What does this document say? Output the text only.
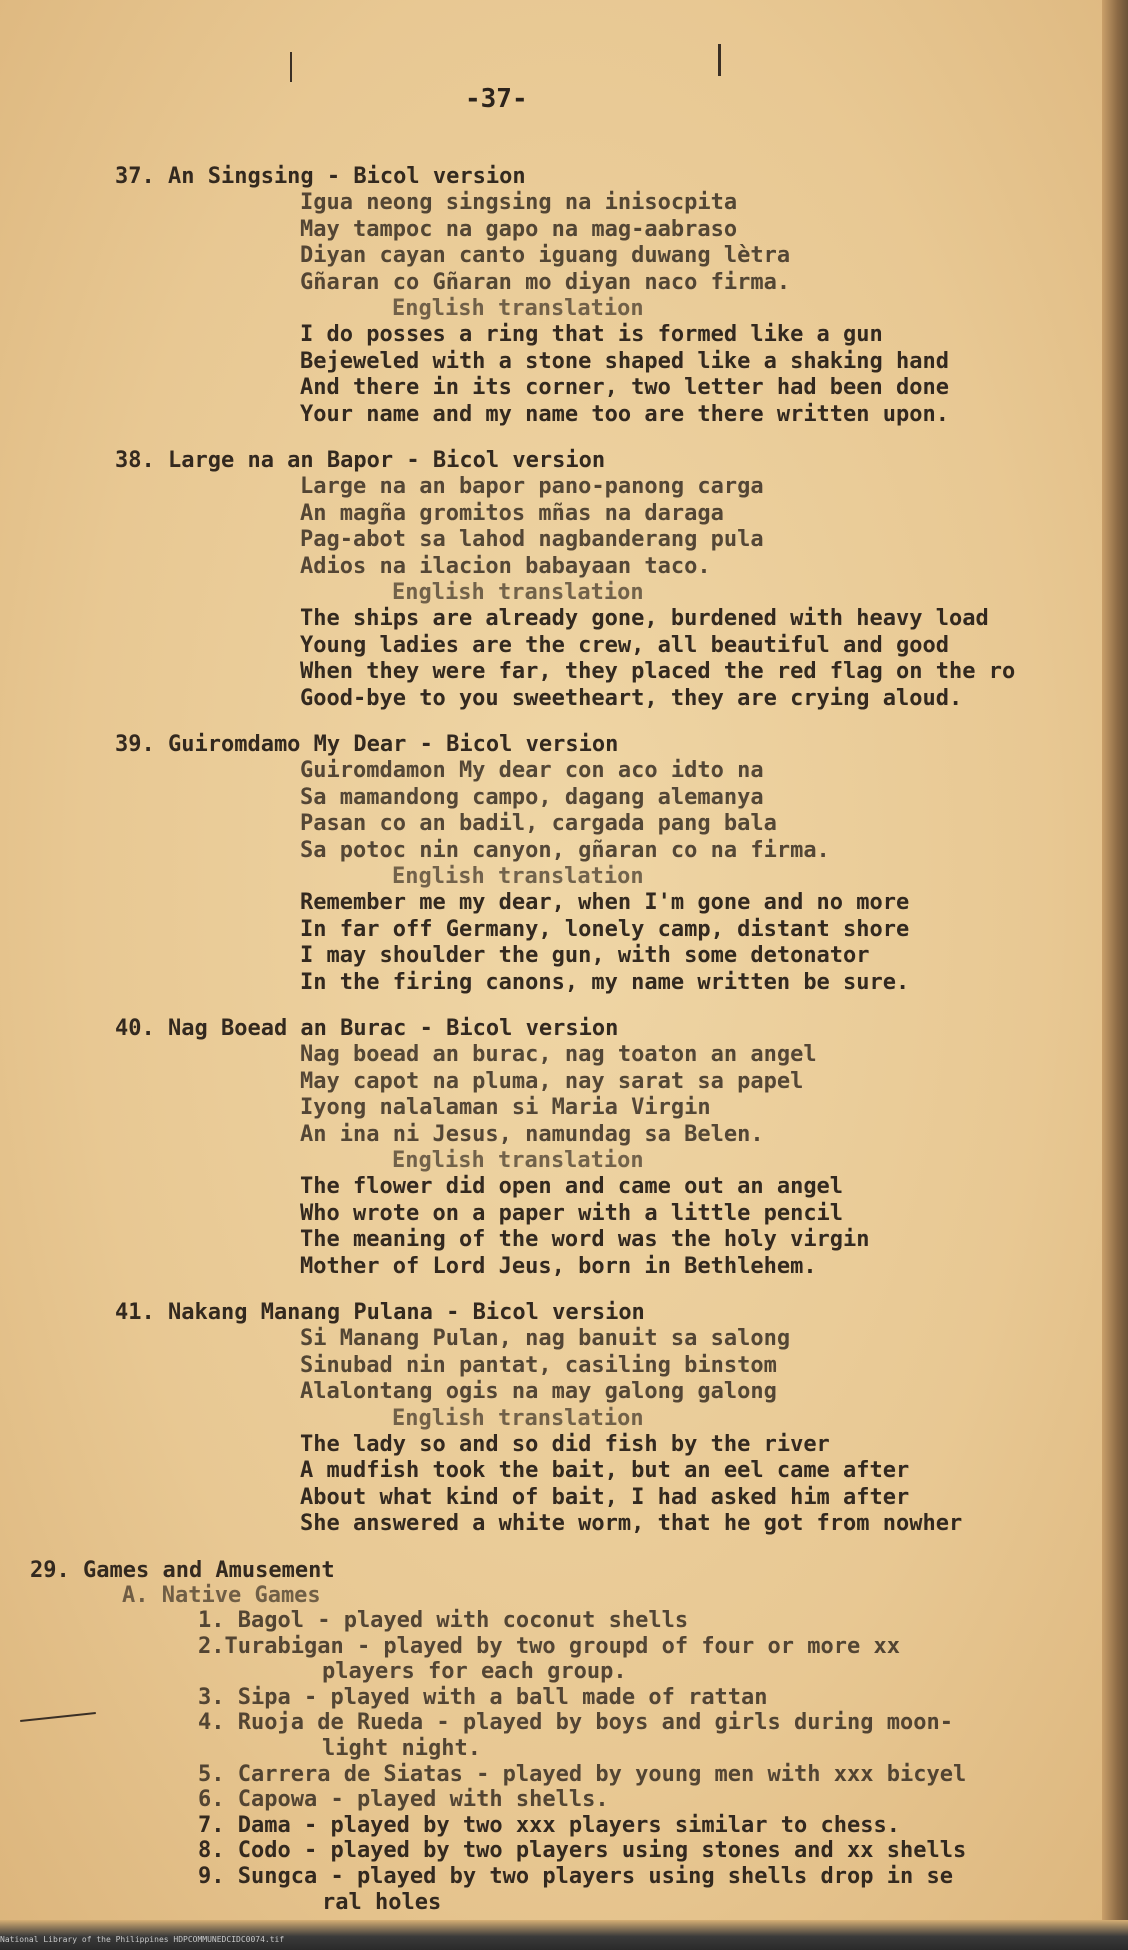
National Library of the Philippines HDPCOMMUNEDCIDC0074.tif
-37-
37. An Singsing - Bicol version
Igua neong singsing na inisocpita
May tampoc na gapo na mag-aabraso
Diyan cayan canto iguang duwang lètra
Gñaran co Gñaran mo diyan naco firma.
English translation
I do posses a ring that is formed like a gun
Bejeweled with a stone shaped like a shaking hand
And there in its corner, two letter had been done
Your name and my name too are there written upon.
38. Large na an Bapor - Bicol version
Large na an bapor pano-panong carga
An magña gromitos mñas na daraga
Pag-abot sa lahod nagbanderang pula
Adios na ilacion babayaan taco.
English translation
The ships are already gone, burdened with heavy load
Young ladies are the crew, all beautiful and good
When they were far, they placed the red flag on the ro
Good-bye to you sweetheart, they are crying aloud.
39. Guiromdamo My Dear - Bicol version
Guiromdamon My dear con aco idto na
Sa mamandong campo, dagang alemanya
Pasan co an badil, cargada pang bala
Sa potoc nin canyon, gñaran co na firma.
English translation
Remember me my dear, when I'm gone and no more
In far off Germany, lonely camp, distant shore
I may shoulder the gun, with some detonator
In the firing canons, my name written be sure.
40. Nag Boead an Burac - Bicol version
Nag boead an burac, nag toaton an angel
May capot na pluma, nay sarat sa papel
Iyong nalalaman si Maria Virgin
An ina ni Jesus, namundag sa Belen.
English translation
The flower did open and came out an angel
Who wrote on a paper with a little pencil
The meaning of the word was the holy virgin
Mother of Lord Jeus, born in Bethlehem.
41. Nakang Manang Pulana - Bicol version
Si Manang Pulan, nag banuit sa salong
Sinubad nin pantat, casiling binstom
Alalontang ogis na may galong galong
English translation
The lady so and so did fish by the river
A mudfish took the bait, but an eel came after
About what kind of bait, I had asked him after
She answered a white worm, that he got from nowher
29. Games and Amusement
A. Native Games
1. Bagol - played with coconut shells
2.Turabigan - played by two groupd of four or more xx
players for each group.
3. Sipa - played with a ball made of rattan
4. Ruoja de Rueda - played by boys and girls during moon-
light night.
5. Carrera de Siatas - played by young men with xxx bicyel
6. Capowa - played with shells.
7. Dama - played by two xxx players similar to chess.
8. Codo - played by two players using stones and xx shells
9. Sungca - played by two players using shells drop in se
ral holes
